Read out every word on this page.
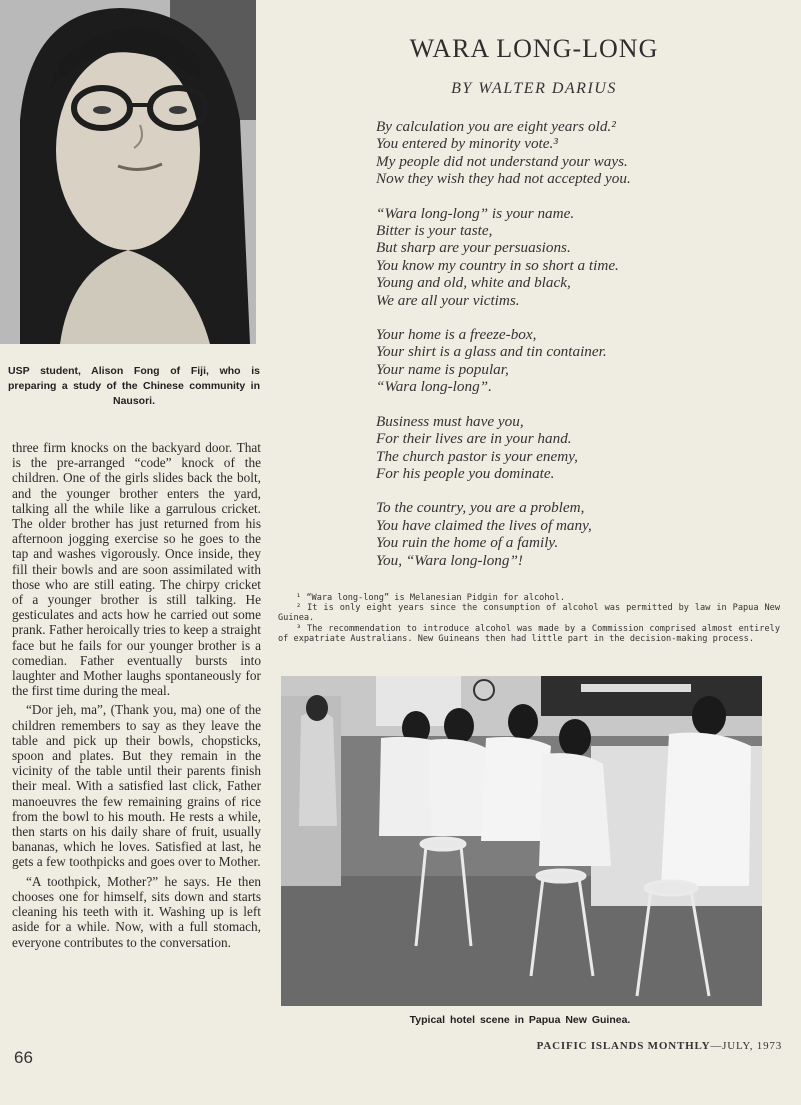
USP student, Alison Fong of Fiji, who is preparing a study of the Chinese community in Nausori.

three firm knocks on the backyard door. That is the pre-arranged “code” knock of the children. One of the girls slides back the bolt, and the younger brother enters the yard, talking all the while like a garrulous cricket. The older brother has just returned from his afternoon jogging exercise so he goes to the tap and washes vigorously. Once inside, they fill their bowls and are soon assimilated with those who are still eating. The chirpy cricket of a younger brother is still talking. He gesticulates and acts how he carried out some prank. Father heroically tries to keep a straight face but he fails for our younger brother is a comedian. Father eventually bursts into laughter and Mother laughs spontaneously for the first time during the meal.

“Dor jeh, ma”, (Thank you, ma) one of the children remembers to say as they leave the table and pick up their bowls, chopsticks, spoon and plates. But they remain in the vicinity of the table until their parents finish their meal. With a satisfied last click, Father manoeuvres the few remaining grains of rice from the bowl to his mouth. He rests a while, then starts on his daily share of fruit, usually bananas, which he loves. Satisfied at last, he gets a few toothpicks and goes over to Mother.

“A toothpick, Mother?” he says. He then chooses one for himself, sits down and starts cleaning his teeth with it. Washing up is left aside for a while. Now, with a full stomach, everyone contributes to the conversation.

66
WARA LONG-LONG
BY WALTER DARIUS
By calculation you are eight years old.²
You entered by minority vote.³
My people did not understand your ways.
Now they wish they had not accepted you.
“Wara long-long” is your name.
Bitter is your taste,
But sharp are your persuasions.
You know my country in so short a time.
Young and old, white and black,
We are all your victims.
Your home is a freeze-box,
Your shirt is a glass and tin container.
Your name is popular,
“Wara long-long”.
Business must have you,
For their lives are in your hand.
The church pastor is your enemy,
For his people you dominate.
To the country, you are a problem,
You have claimed the lives of many,
You ruin the home of a family.
You, “Wara long-long”!
¹ “Wara long-long” is Melanesian Pidgin for alcohol.
² It is only eight years since the consumption of alcohol was permitted by law in Papua New Guinea.
³ The recommendation to introduce alcohol was made by a Commission comprised almost entirely of expatriate Australians. New Guineans then had little part in the decision-making process.
Typical hotel scene in Papua New Guinea.
PACIFIC ISLANDS MONTHLY—JULY, 1973
